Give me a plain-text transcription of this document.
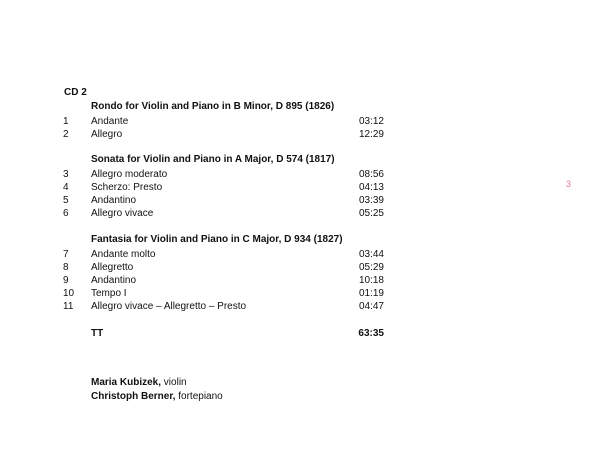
CD 2
Rondo for Violin and Piano in B Minor, D 895 (1826)
1 Andante	03:12
2 Allegro	12:29
Sonata for Violin and Piano in A Major, D 574 (1817)
3 Allegro moderato	08:56
4 Scherzo: Presto	04:13
5 Andantino	03:39
6 Allegro vivace	05:25
Fantasia for Violin and Piano in C Major, D 934 (1827)
7 Andante molto	03:44
8 Allegretto	05:29
9 Andantino	10:18
10 Tempo I	01:19
11 Allegro vivace – Allegretto – Presto	04:47
TT	63:35
Maria Kubizek, violin
Christoph Berner, fortepiano
3
